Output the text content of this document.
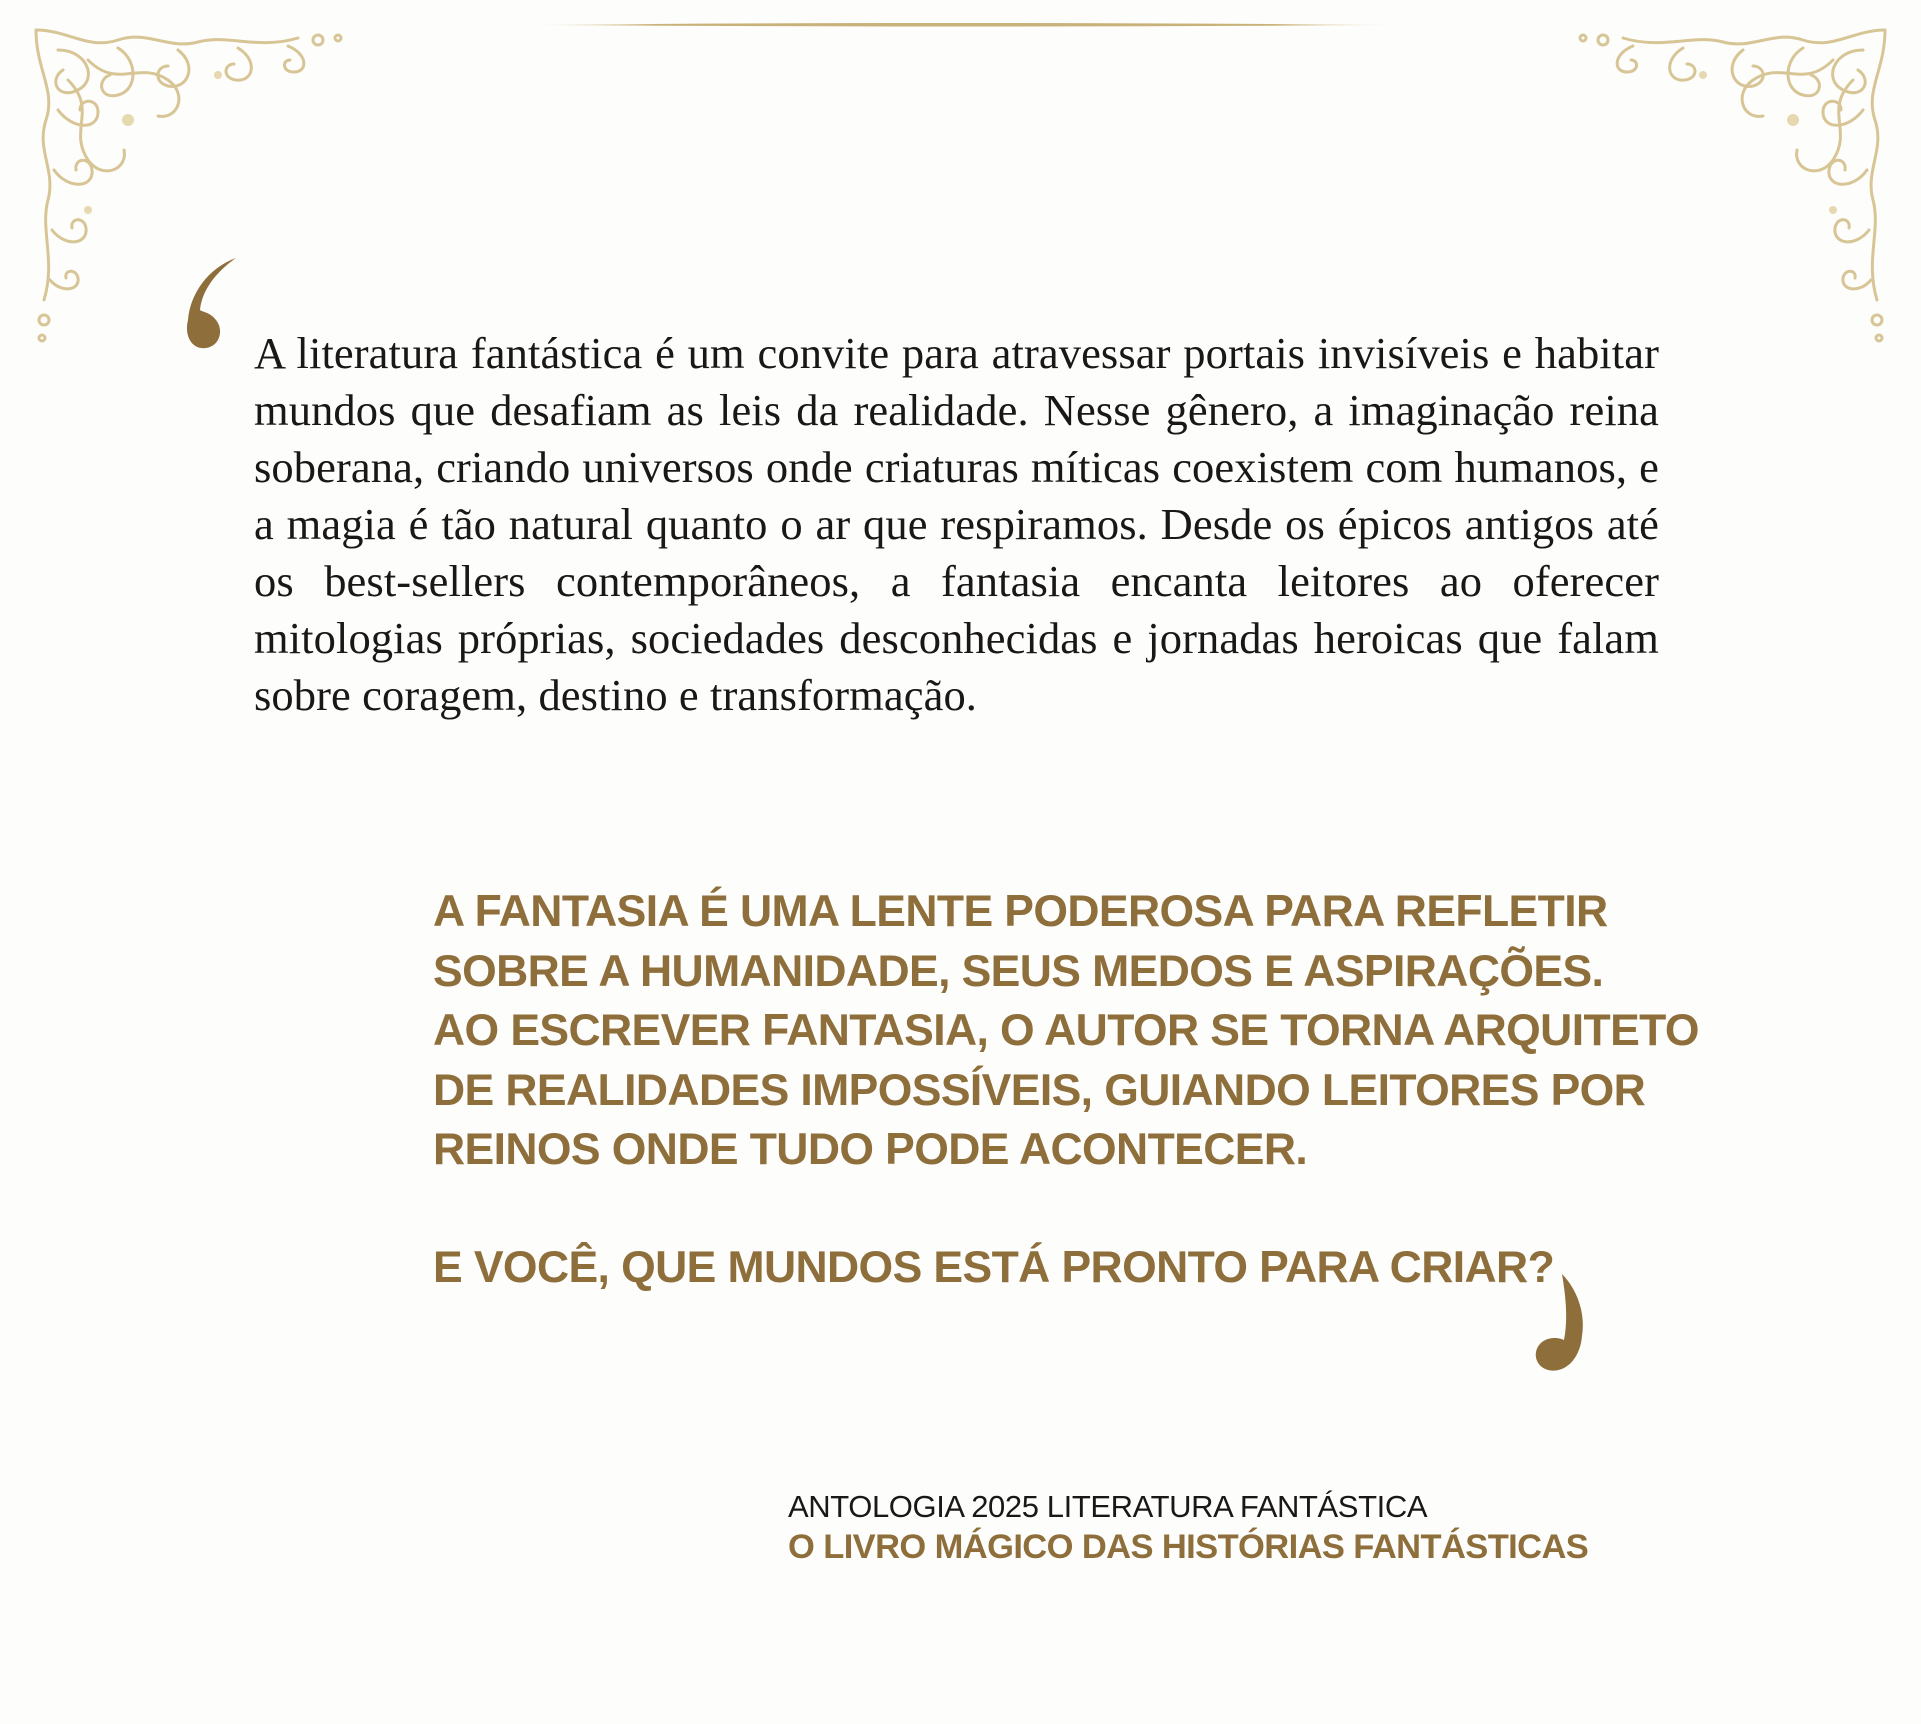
A literatura fantástica é um convite para atravessar portais invisíveis e habitar mundos que desafiam as leis da realidade. Nesse gênero, a imaginação reina soberana, criando universos onde criaturas míticas coexistem com humanos, e a magia é tão natural quanto o ar que respiramos. Desde os épicos antigos até os best-sellers contemporâneos, a fantasia encanta leitores ao oferecer mitologias próprias, sociedades desconhecidas e jornadas heroicas que falam sobre coragem, destino e transformação.

A FANTASIA É UMA LENTE PODEROSA PARA REFLETIR
SOBRE A HUMANIDADE, SEUS MEDOS E ASPIRAÇÕES.
AO ESCREVER FANTASIA, O AUTOR SE TORNA ARQUITETO
DE REALIDADES IMPOSSÍVEIS, GUIANDO LEITORES POR
REINOS ONDE TUDO PODE ACONTECER.

E VOCÊ, QUE MUNDOS ESTÁ PRONTO PARA CRIAR?

ANTOLOGIA 2025 LITERATURA FANTÁSTICA
O LIVRO MÁGICO DAS HISTÓRIAS FANTÁSTICAS
